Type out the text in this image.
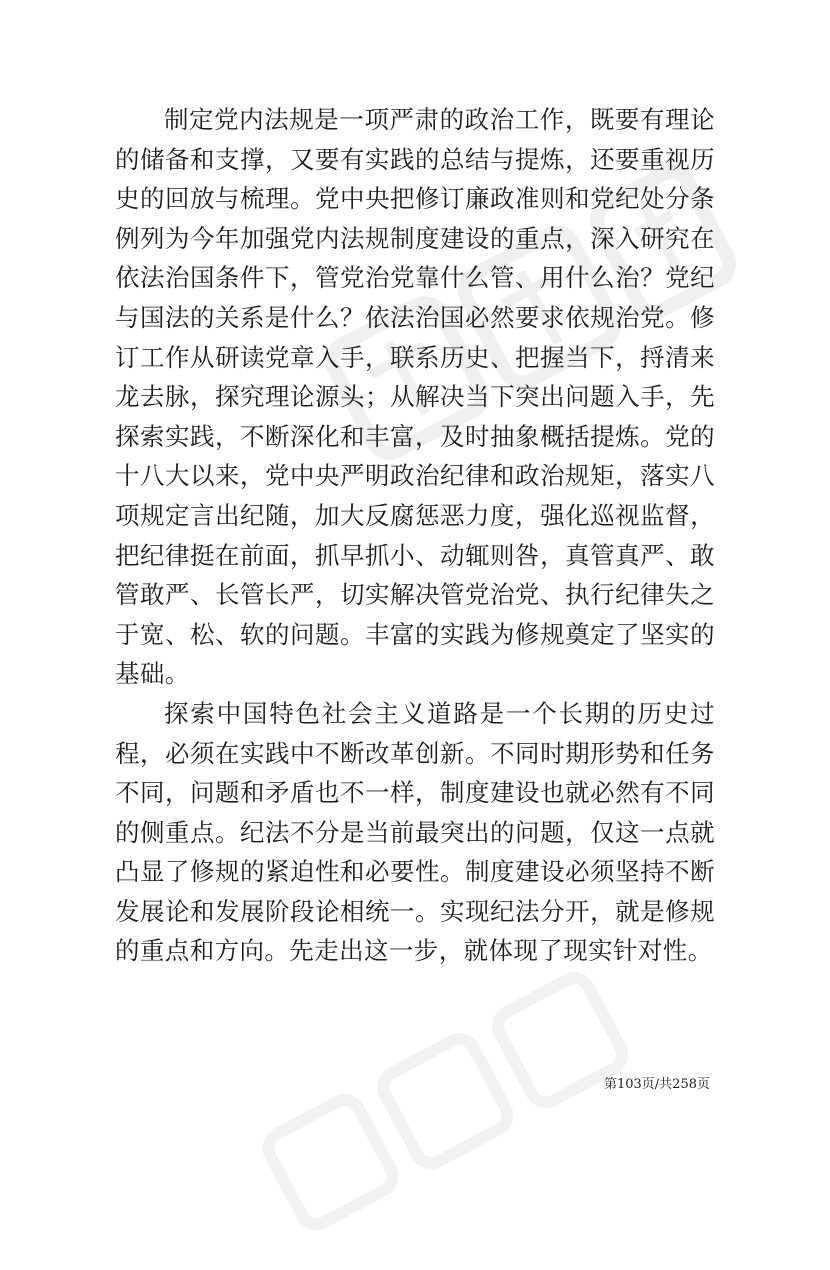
制定党内法规是一项严肃的政治工作，既要有理论的储备和支撑，又要有实践的总结与提炼，还要重视历史的回放与梳理。党中央把修订廉政准则和党纪处分条例列为今年加强党内法规制度建设的重点，深入研究在依法治国条件下，管党治党靠什么管、用什么治？党纪与国法的关系是什么？依法治国必然要求依规治党。修订工作从研读党章入手，联系历史、把握当下，捋清来龙去脉，探究理论源头；从解决当下突出问题入手，先探索实践，不断深化和丰富，及时抽象概括提炼。党的十八大以来，党中央严明政治纪律和政治规矩，落实八项规定言出纪随，加大反腐惩恶力度，强化巡视监督，把纪律挺在前面，抓早抓小、动辄则咎，真管真严、敢管敢严、长管长严，切实解决管党治党、执行纪律失之于宽、松、软的问题。丰富的实践为修规奠定了坚实的基础。

探索中国特色社会主义道路是一个长期的历史过程，必须在实践中不断改革创新。不同时期形势和任务不同，问题和矛盾也不一样，制度建设也就必然有不同的侧重点。纪法不分是当前最突出的问题，仅这一点就凸显了修规的紧迫性和必要性。制度建设必须坚持不断发展论和发展阶段论相统一。实现纪法分开，就是修规的重点和方向。先走出这一步，就体现了现实针对性。

第103页/共258页
